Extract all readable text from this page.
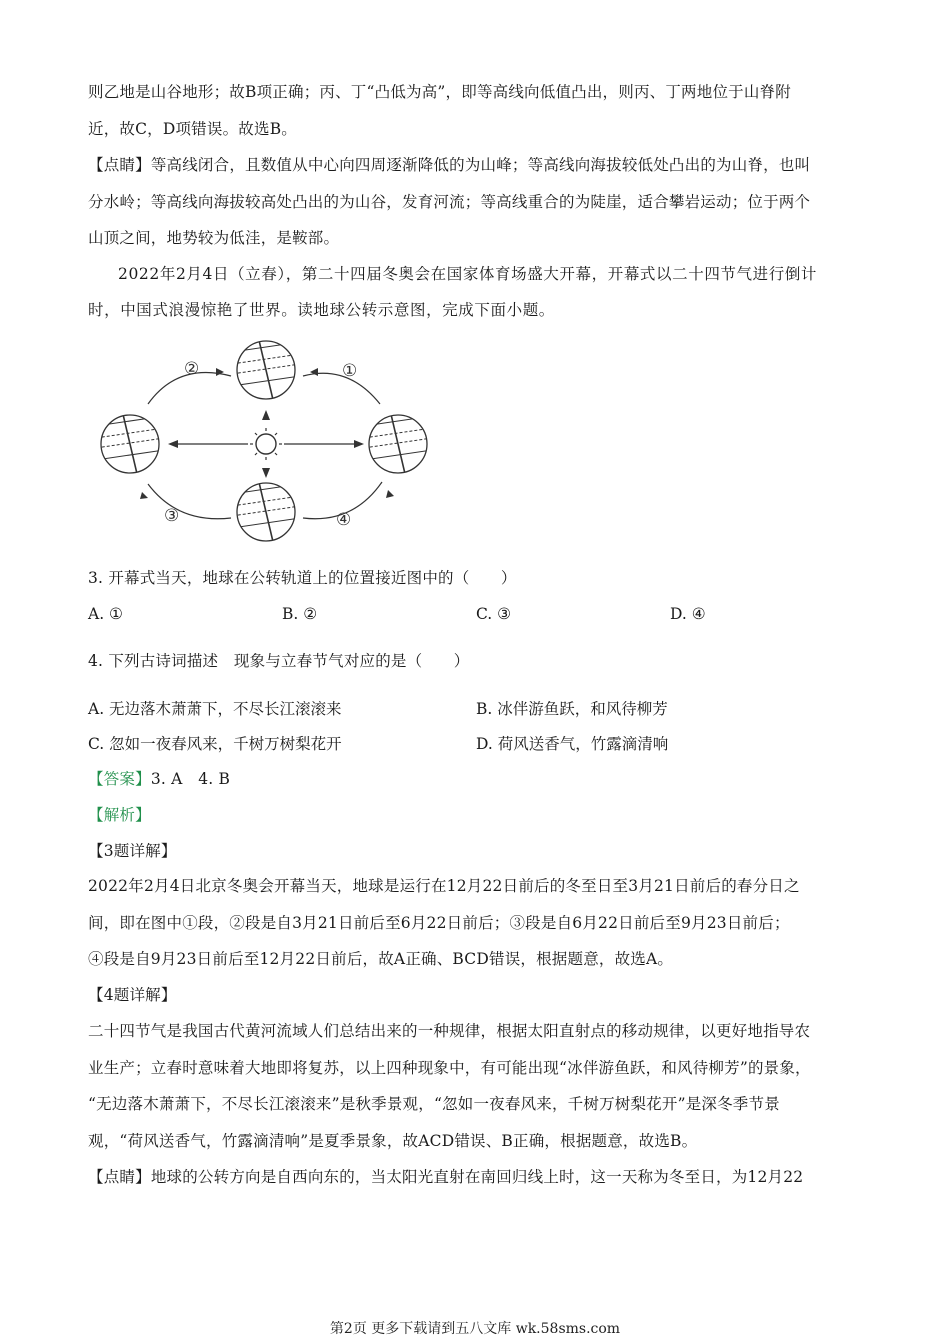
则乙地是山谷地形；故B项正确；丙、丁“凸低为高”，即等高线向低值凸出，则丙、丁两地位于山脊附
近，故C，D项错误。故选B。
【点睛】等高线闭合，且数值从中心向四周逐渐降低的为山峰；等高线向海拔较低处凸出的为山脊，也叫
分水岭；等高线向海拔较高处凸出的为山谷，发育河流；等高线重合的为陡崖，适合攀岩运动；位于两个
山顶之间，地势较为低洼，是鞍部。
2022年2月4日（立春），第二十四届冬奥会在国家体育场盛大开幕，开幕式以二十四节气进行倒计
时，中国式浪漫惊艳了世界。读地球公转示意图，完成下面小题。
②	①
③	④
3. 开幕式当天，地球在公转轨道上的位置接近图中的（　　）
A. ①	B. ②	C. ③	D. ④
4. 下列古诗词描述　现象与立春节气对应的是（　　）
A. 无边落木萧萧下，不尽长江滚滚来	B. 冰伴游鱼跃，和风待柳芳
C. 忽如一夜春风来，千树万树梨花开	D. 荷风送香气，竹露滴清响
【答案】3. A　4. B
【解析】
【3题详解】
2022年2月4日北京冬奥会开幕当天，地球是运行在12月22日前后的冬至日至3月21日前后的春分日之
间，即在图中①段，②段是自3月21日前后至6月22日前后；③段是自6月22日前后至9月23日前后；
④段是自9月23日前后至12月22日前后，故A正确、BCD错误，根据题意，故选A。
【4题详解】
二十四节气是我国古代黄河流域人们总结出来的一种规律，根据太阳直射点的移动规律，以更好地指导农
业生产；立春时意味着大地即将复苏，以上四种现象中，有可能出现“冰伴游鱼跃，和风待柳芳”的景象，
“无边落木萧萧下，不尽长江滚滚来”是秋季景观，“忽如一夜春风来，千树万树梨花开”是深冬季节景
观，“荷风送香气，竹露滴清响”是夏季景象，故ACD错误、B正确，根据题意，故选B。
【点睛】地球的公转方向是自西向东的，当太阳光直射在南回归线上时，这一天称为冬至日，为12月22
第2页 更多下载请到五八文库 wk.58sms.com
